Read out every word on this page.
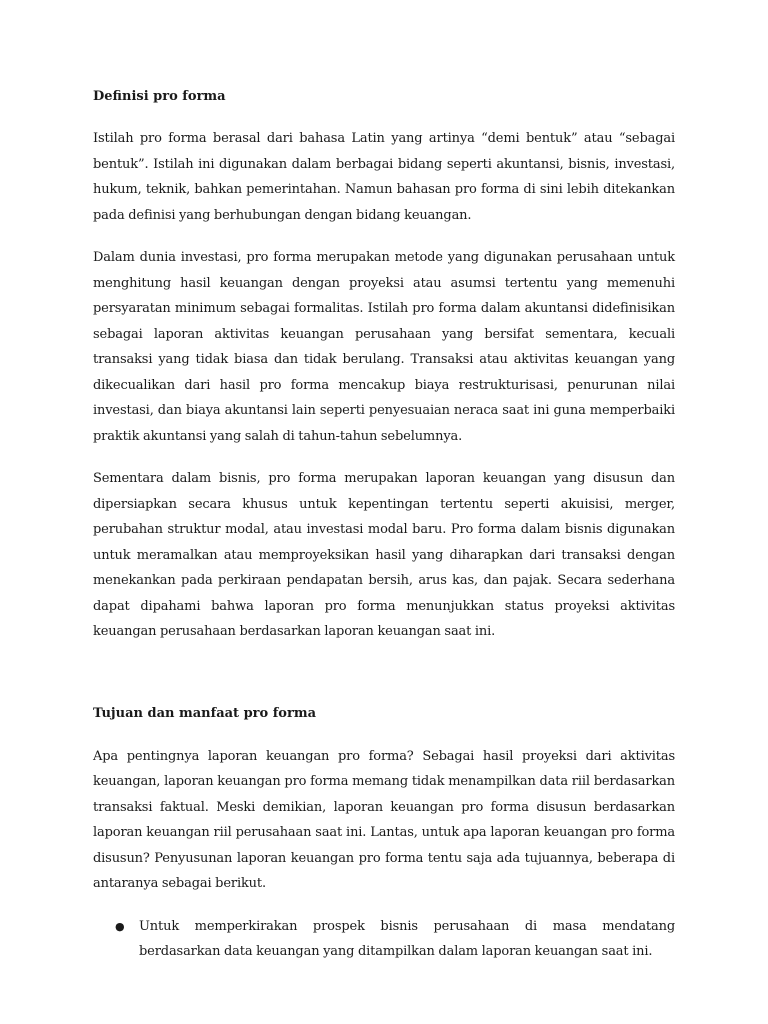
Definisi pro forma

Istilah pro forma berasal dari bahasa Latin yang artinya “demi bentuk” atau “sebagai bentuk”. Istilah ini digunakan dalam berbagai bidang seperti akuntansi, bisnis, investasi, hukum, teknik, bahkan pemerintahan. Namun bahasan pro forma di sini lebih ditekankan pada definisi yang berhubungan dengan bidang keuangan.

Dalam dunia investasi, pro forma merupakan metode yang digunakan perusahaan untuk menghitung hasil keuangan dengan proyeksi atau asumsi tertentu yang memenuhi persyaratan minimum sebagai formalitas. Istilah pro forma dalam akuntansi didefinisikan sebagai laporan aktivitas keuangan perusahaan yang bersifat sementara, kecuali transaksi yang tidak biasa dan tidak berulang. Transaksi atau aktivitas keuangan yang dikecualikan dari hasil pro forma mencakup biaya restrukturisasi, penurunan nilai investasi, dan biaya akuntansi lain seperti penyesuaian neraca saat ini guna memperbaiki praktik akuntansi yang salah di tahun-tahun sebelumnya.

Sementara dalam bisnis, pro forma merupakan laporan keuangan yang disusun dan dipersiapkan secara khusus untuk kepentingan tertentu seperti akuisisi, merger, perubahan struktur modal, atau investasi modal baru. Pro forma dalam bisnis digunakan untuk meramalkan atau memproyeksikan hasil yang diharapkan dari transaksi dengan menekankan pada perkiraan pendapatan bersih, arus kas, dan pajak. Secara sederhana dapat dipahami bahwa laporan pro forma menunjukkan status proyeksi aktivitas keuangan perusahaan berdasarkan laporan keuangan saat ini.

Tujuan dan manfaat pro forma

Apa pentingnya laporan keuangan pro forma? Sebagai hasil proyeksi dari aktivitas keuangan, laporan keuangan pro forma memang tidak menampilkan data riil berdasarkan transaksi faktual. Meski demikian, laporan keuangan pro forma disusun berdasarkan laporan keuangan riil perusahaan saat ini. Lantas, untuk apa laporan keuangan pro forma disusun? Penyusunan laporan keuangan pro forma tentu saja ada tujuannya, beberapa di antaranya sebagai berikut.

● Untuk memperkirakan prospek bisnis perusahaan di masa mendatang berdasarkan data keuangan yang ditampilkan dalam laporan keuangan saat ini.
